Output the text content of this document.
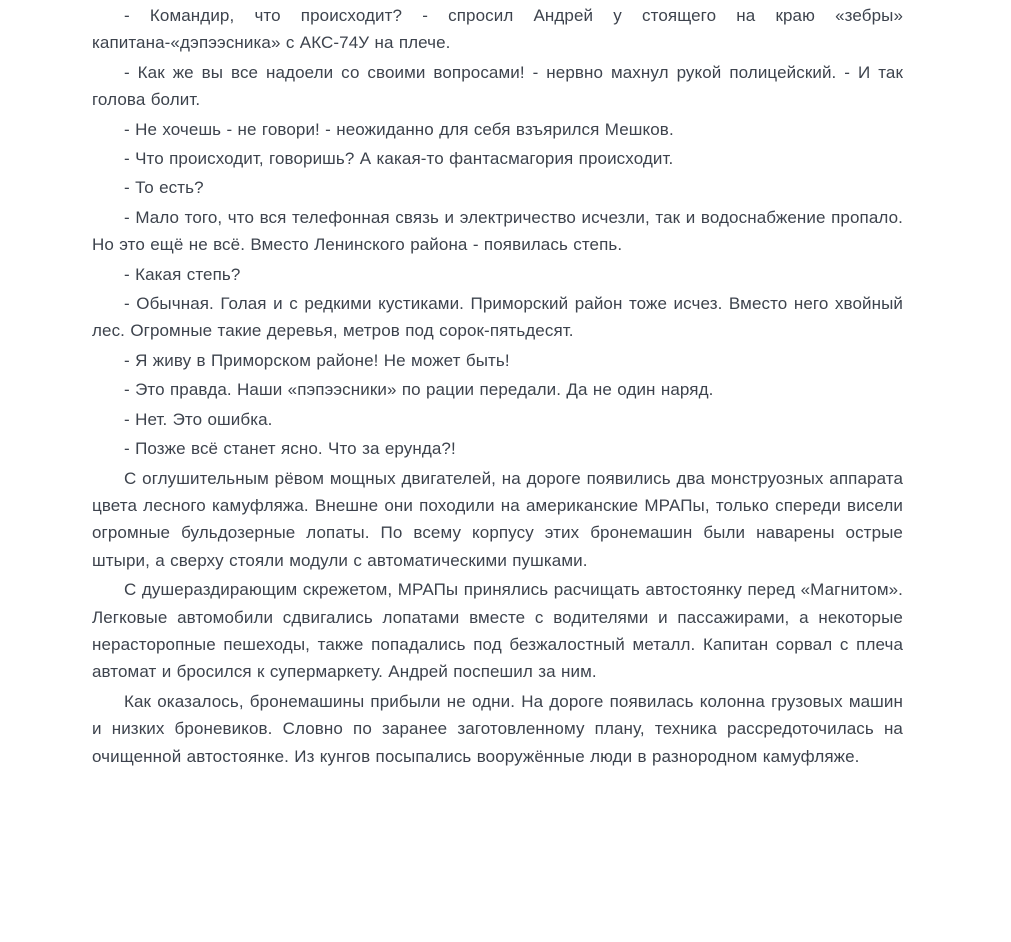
- Командир, что происходит? - спросил Андрей у стоящего на краю «зебры» капитана-«дэпээсника» с АКС-74У на плече.

- Как же вы все надоели со своими вопросами! - нервно махнул рукой полицейский. - И так голова болит.

- Не хочешь - не говори! - неожиданно для себя взъярился Мешков.

- Что происходит, говоришь? А какая-то фантасмагория происходит.

- То есть?

- Мало того, что вся телефонная связь и электричество исчезли, так и водоснабжение пропало. Но это ещё не всё. Вместо Ленинского района - появилась степь.

- Какая степь?

- Обычная. Голая и с редкими кустиками. Приморский район тоже исчез. Вместо него хвойный лес. Огромные такие деревья, метров под сорок-пятьдесят.

- Я живу в Приморском районе! Не может быть!

- Это правда. Наши «пэпээсники» по рации передали. Да не один наряд.

- Нет. Это ошибка.

- Позже всё станет ясно. Что за ерунда?!

С оглушительным рёвом мощных двигателей, на дороге появились два монструозных аппарата цвета лесного камуфляжа. Внешне они походили на американские МРАПы, только спереди висели огромные бульдозерные лопаты. По всему корпусу этих бронемашин были наварены острые штыри, а сверху стояли модули с автоматическими пушками.

С душераздирающим скрежетом, МРАПы принялись расчищать автостоянку перед «Магнитом». Легковые автомобили сдвигались лопатами вместе с водителями и пассажирами, а некоторые нерасторопные пешеходы, также попадались под безжалостный металл. Капитан сорвал с плеча автомат и бросился к супермаркету. Андрей поспешил за ним.

Как оказалось, бронемашины прибыли не одни. На дороге появилась колонна грузовых машин и низких броневиков. Словно по заранее заготовленному плану, техника рассредоточилась на очищенной автостоянке. Из кунгов посыпались вооружённые люди в разнородном камуфляже.
